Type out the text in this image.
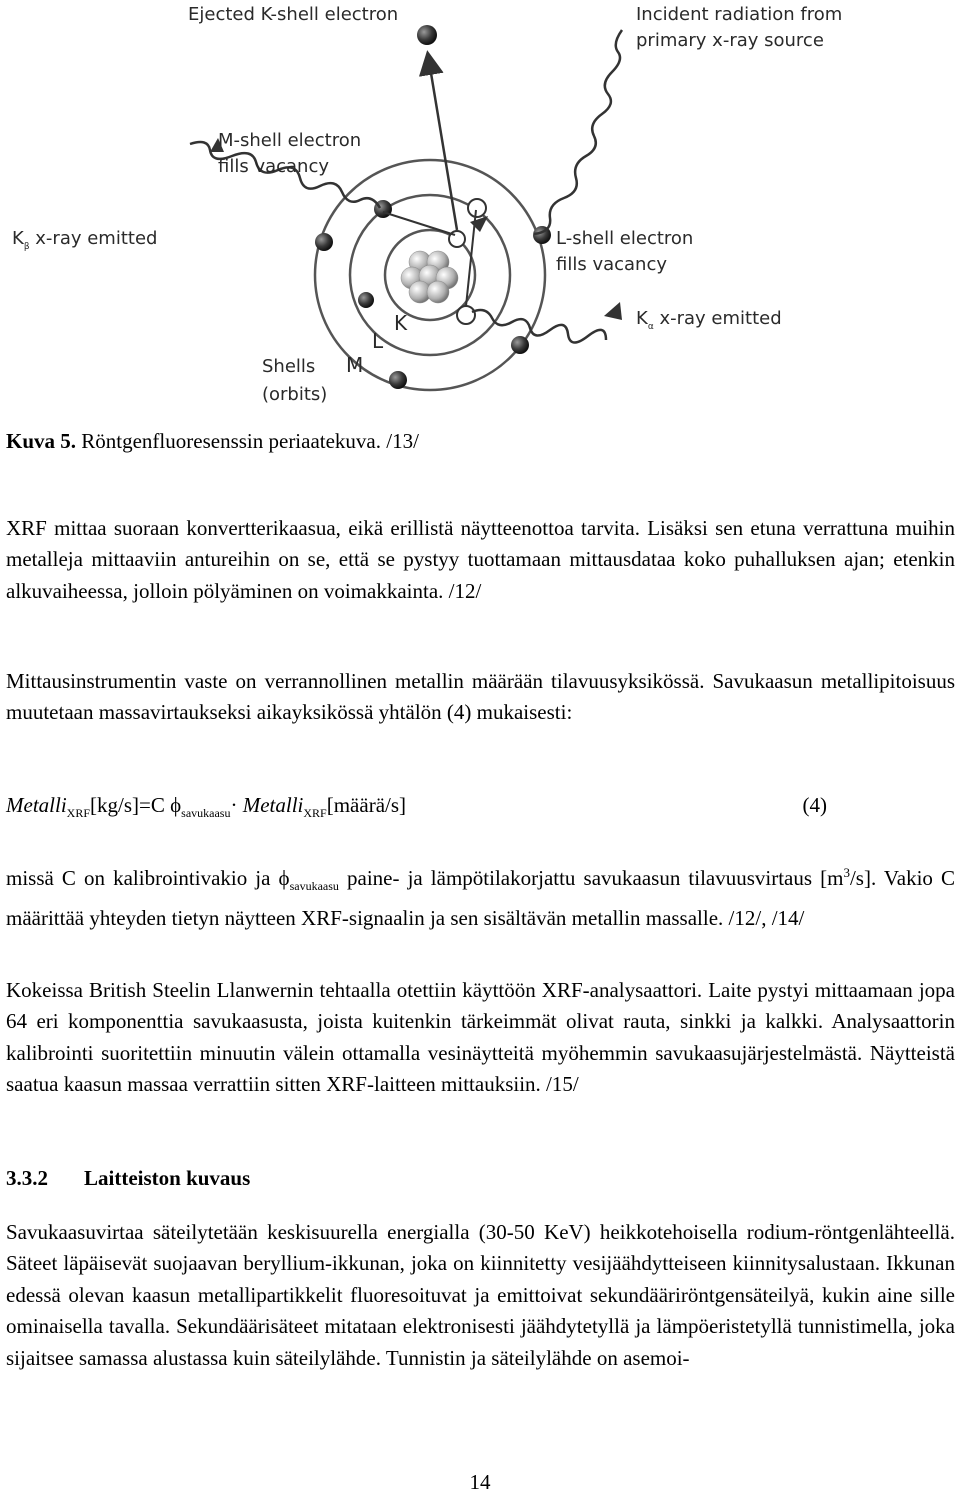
Ejected K-shell electron	Incident radiation from
primary x-ray source
M-shell electron
fills vacancy
$K_\beta$ x-ray emitted	L-shell electron
fills vacancy
$K_\alpha$ x-ray emitted
K
L
M
Shells
(orbits)
Kuva 5. Röntgenfluoresenssin periaatekuva. /13/
XRF mittaa suoraan konvertterikaasua, eikä erillistä näytteenottoa tarvita. Lisäksi sen etuna verrattuna muihin metalleja mittaaviin antureihin on se, että se pystyy tuottamaan mittausdataa koko puhalluksen ajan; etenkin alkuvaiheessa, jolloin pölyäminen on voimakkainta. /12/
Mittausinstrumentin vaste on verrannollinen metallin määrään tilavuusyksikössä. Savukaasun metallipitoisuus muutetaan massavirtaukseksi aikayksikössä yhtälön (4) mukaisesti:
Metalli$_{XRF}$[kg/s]=C $\phi_{savukaasu}\cdot$ Metalli$_{XRF}$[määrä/s]	(4)
missä C on kalibrointivakio ja $\phi_{savukaasu}$ paine- ja lämpötilakorjattu savukaasun tilavuusvirtaus $[m^3/s]$. Vakio C määrittää yhteyden tietyn näytteen XRF-signaalin ja sen sisältävän metallin massalle. /12/, /14/
Kokeissa British Steelin Llanwernin tehtaalla otettiin käyttöön XRF-analysaattori. Laite pystyi mittaamaan jopa 64 eri komponenttia savukaasusta, joista kuitenkin tärkeimmät olivat rauta, sinkki ja kalkki. Analysaattorin kalibrointi suoritettiin minuutin välein ottamalla vesinäytteitä myöhemmin savukaasujärjestelmästä. Näytteistä saatua kaasun massaa verrattiin sitten XRF-laitteen mittauksiin. /15/
3.3.2 Laitteiston kuvaus
Savukaasuvirtaa säteilytetään keskisuurella energialla (30-50 KeV) heikkotehoisella rodium-röntgenlähteellä. Säteet läpäisevät suojaavan beryllium-ikkunan, joka on kiinnitetty vesijäähdytteiseen kiinnitysalustaan. Ikkunan edessä olevan kaasun metallipartikkelit fluoresoituvat ja emittoivat sekundääriröntgensäteilyä, kukin aine sille ominaisella tavalla. Sekundäärisäteet mitataan elektronisesti jäähdytetyllä ja lämpöeristetyllä tunnistimella, joka sijaitsee samassa alustassa kuin säteilylähde. Tunnistin ja säteilylähde on asemoi-
14
